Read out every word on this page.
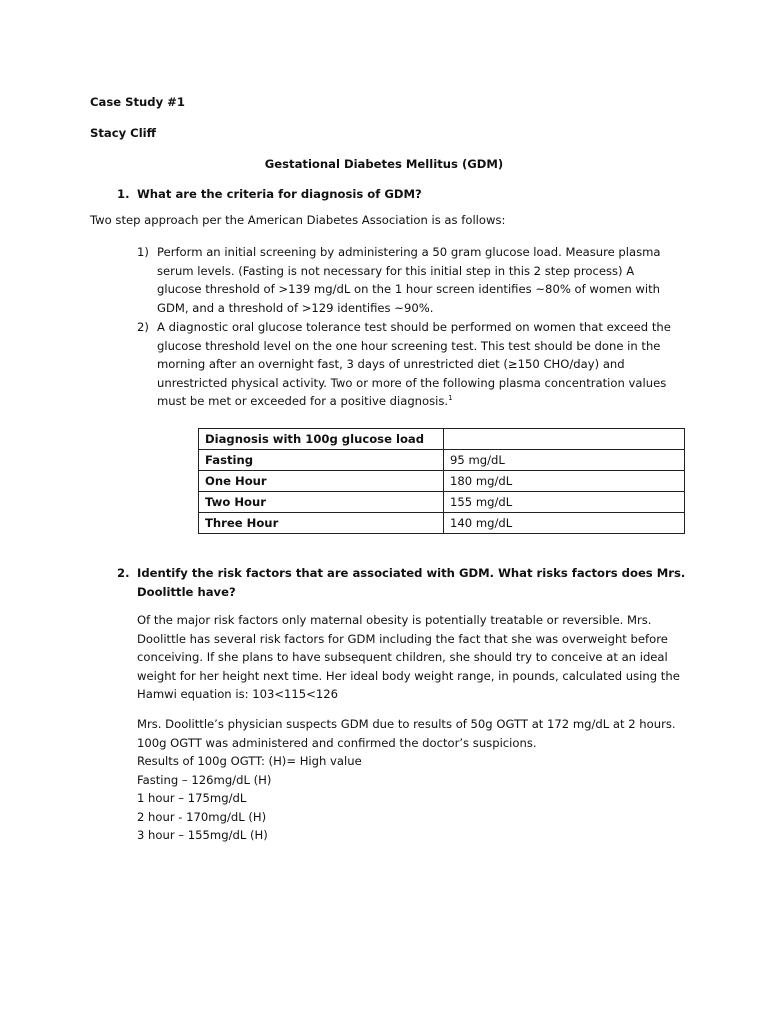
Case Study #1
Stacy Cliff
Gestational Diabetes Mellitus (GDM)
1. What are the criteria for diagnosis of GDM?
Two step approach per the American Diabetes Association is as follows:
1) Perform an initial screening by administering a 50 gram glucose load. Measure plasma serum levels. (Fasting is not necessary for this initial step in this 2 step process) A glucose threshold of >139 mg/dL on the 1 hour screen identifies ~80% of women with GDM, and a threshold of >129 identifies ~90%.
2) A diagnostic oral glucose tolerance test should be performed on women that exceed the glucose threshold level on the one hour screening test. This test should be done in the morning after an overnight fast, 3 days of unrestricted diet (≥150 CHO/day) and unrestricted physical activity. Two or more of the following plasma concentration values must be met or exceeded for a positive diagnosis.$^1$
Diagnosis with 100g glucose load	
Fasting	95 mg/dL
One Hour	180 mg/dL
Two Hour	155 mg/dL
Three Hour	140 mg/dL
2. Identify the risk factors that are associated with GDM. What risks factors does Mrs. Doolittle have?
Of the major risk factors only maternal obesity is potentially treatable or reversible. Mrs. Doolittle has several risk factors for GDM including the fact that she was overweight before conceiving. If she plans to have subsequent children, she should try to conceive at an ideal weight for her height next time. Her ideal body weight range, in pounds, calculated using the Hamwi equation is: 103<115<126
Mrs. Doolittle’s physician suspects GDM due to results of 50g OGTT at 172 mg/dL at 2 hours.
100g OGTT was administered and confirmed the doctor’s suspicions.
Results of 100g OGTT: (H)= High value
Fasting – 126mg/dL (H)
1 hour – 175mg/dL
2 hour - 170mg/dL (H)
3 hour – 155mg/dL (H)
